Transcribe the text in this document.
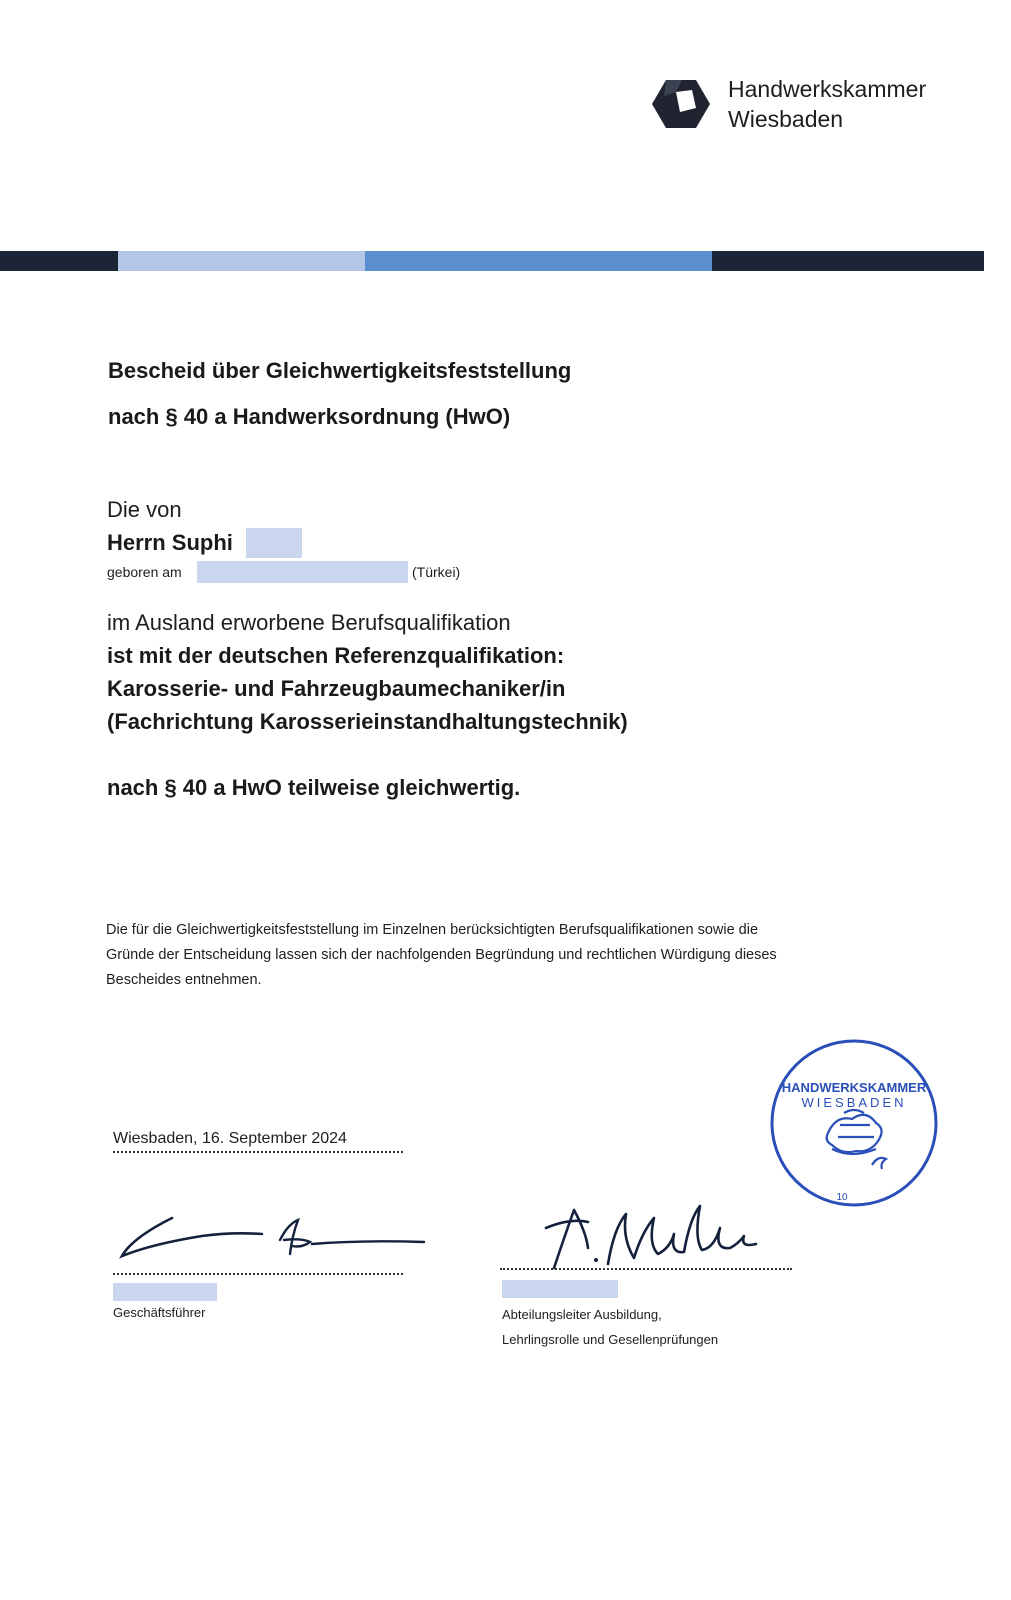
Handwerkskammer
Wiesbaden
Bescheid über Gleichwertigkeitsfeststellung
nach § 40 a Handwerksordnung (HwO)
Die von
Herrn Suphi
geboren am	(Türkei)
im Ausland erworbene Berufsqualifikation
ist mit der deutschen Referenzqualifikation:
Karosserie- und Fahrzeugbaumechaniker/in
(Fachrichtung Karosserieinstandhaltungstechnik)
nach § 40 a HwO teilweise gleichwertig.
Die für die Gleichwertigkeitsfeststellung im Einzelnen berücksichtigten Berufsqualifikationen sowie die
Gründe der Entscheidung lassen sich der nachfolgenden Begründung und rechtlichen Würdigung dieses
Bescheides entnehmen.
HANDWERKSKAMMER
WIESBADEN
10
Wiesbaden, 16. September 2024
Geschäftsführer	Abteilungsleiter Ausbildung,
Lehrlingsrolle und Gesellenprüfungen
